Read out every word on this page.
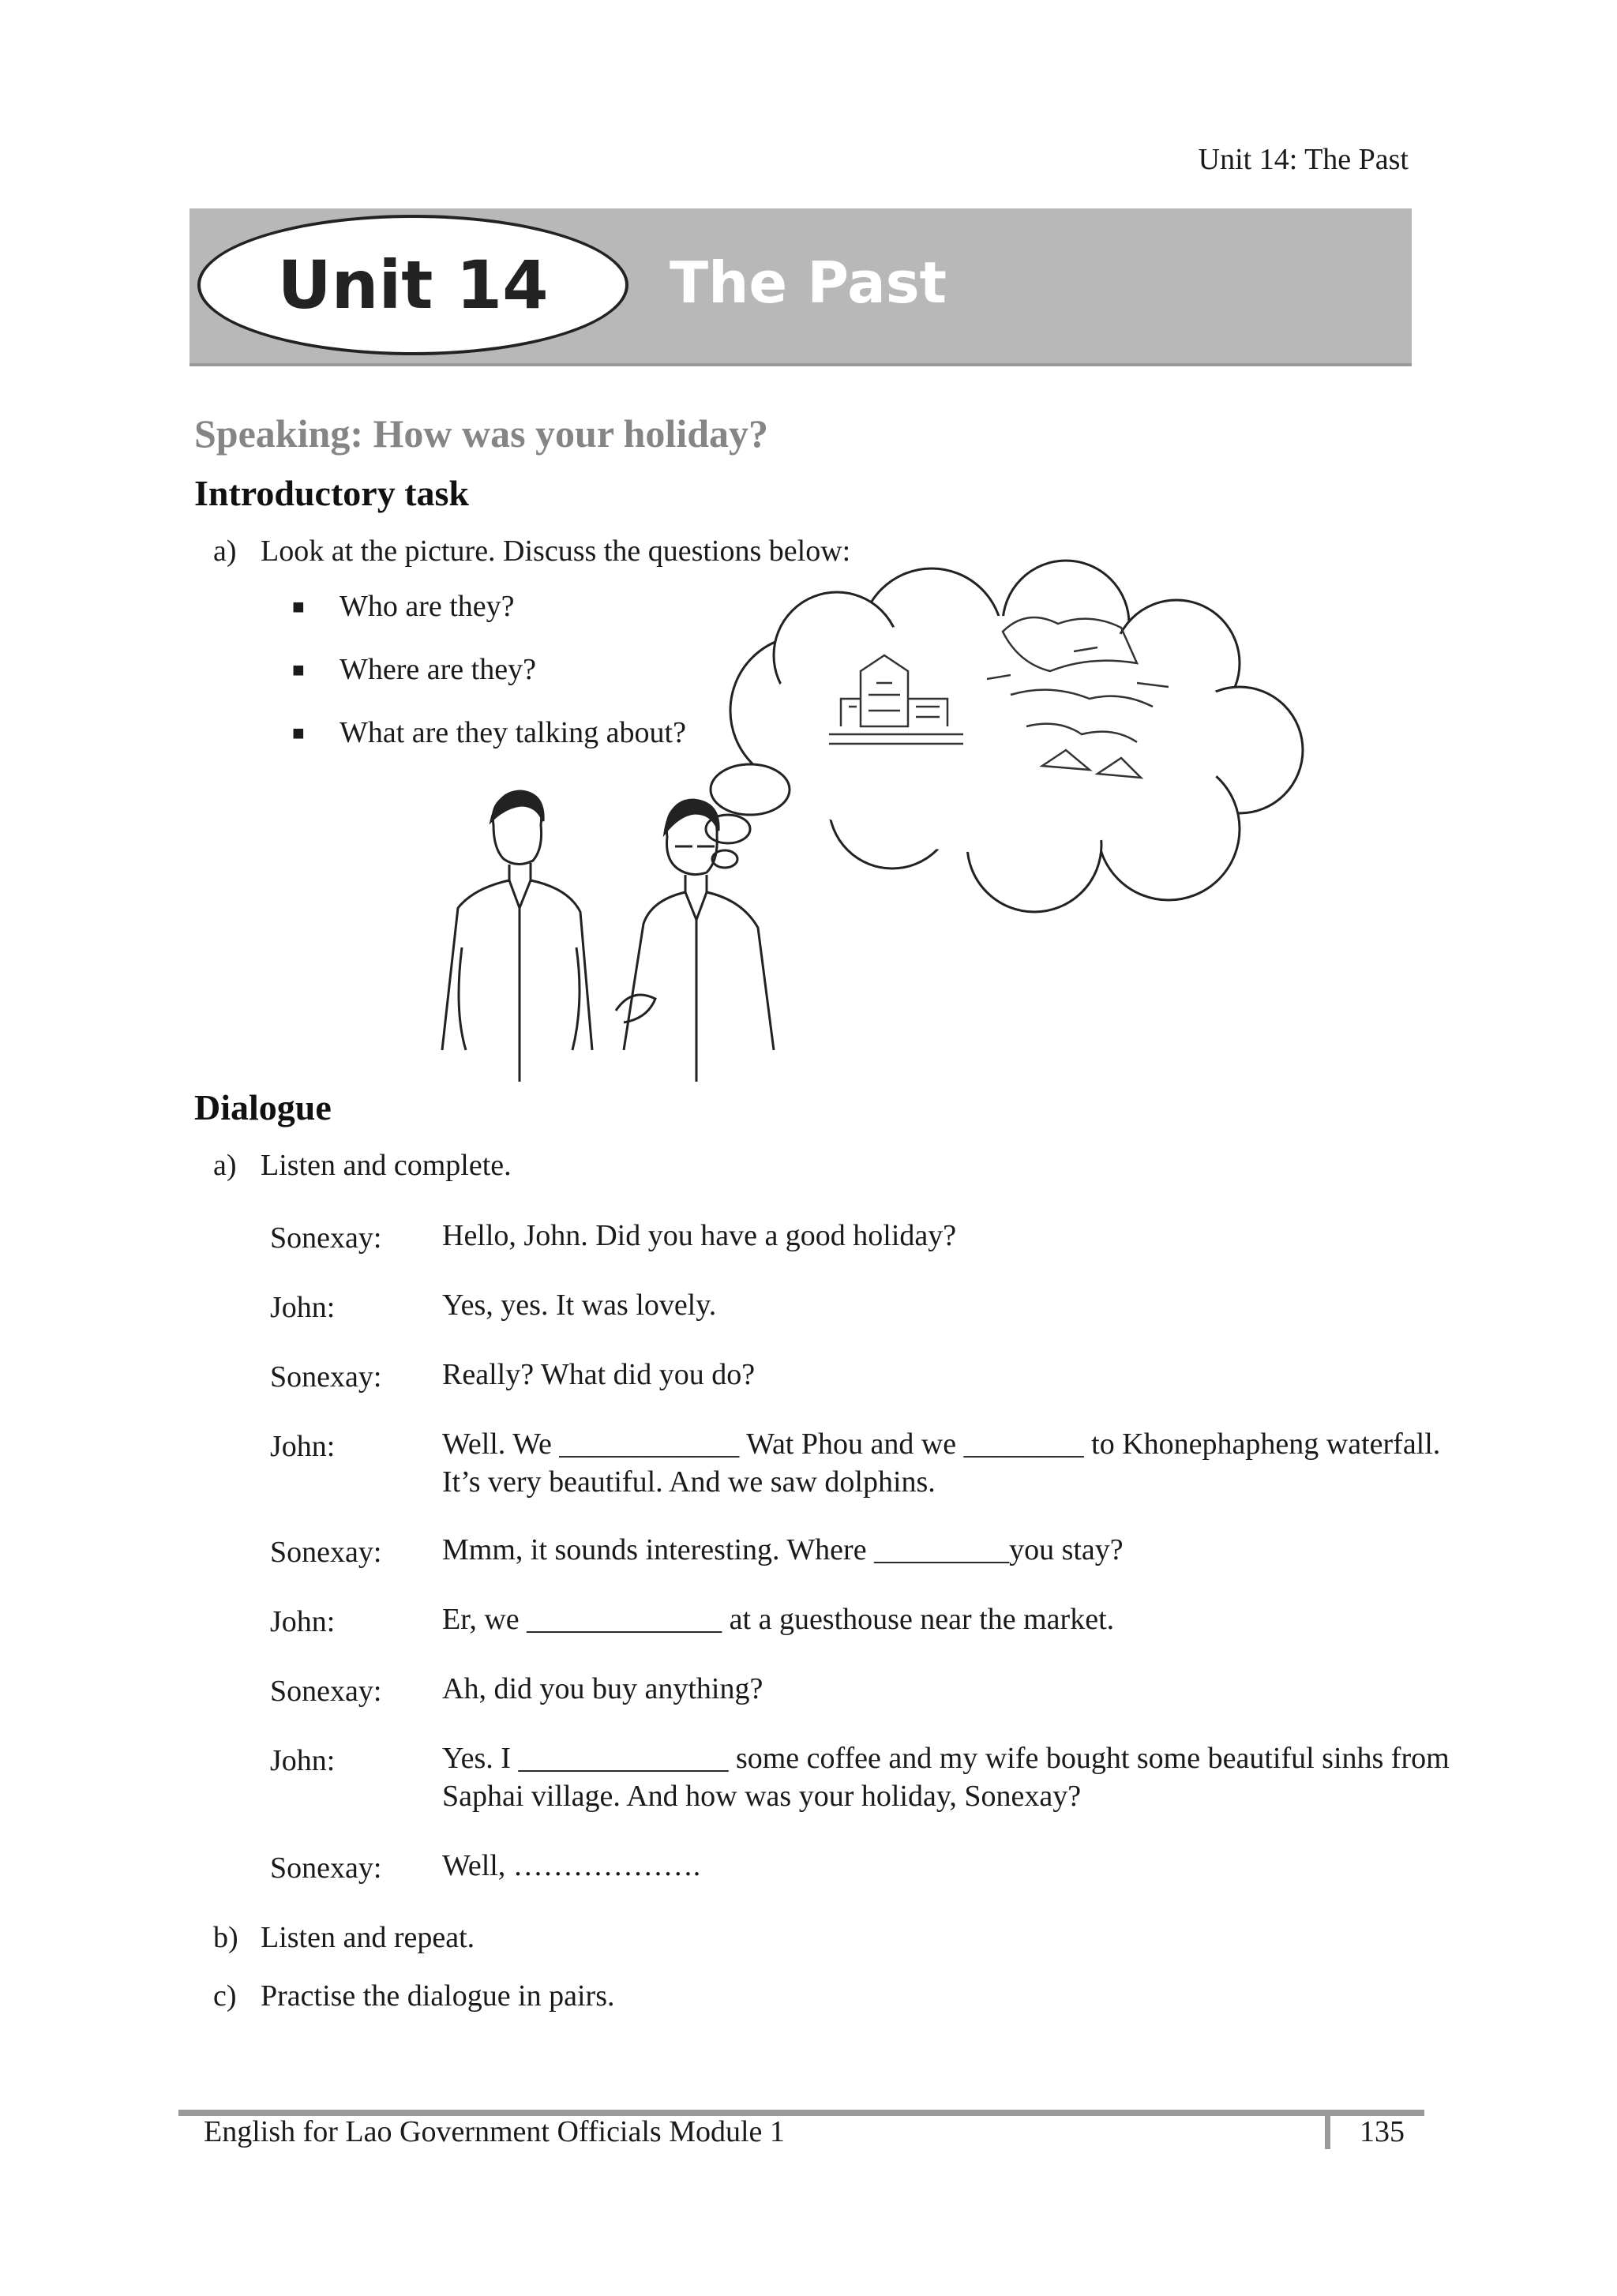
Unit 14: The Past
Unit 14 The Past
Speaking: How was your holiday?
Introductory task
a) Look at the picture. Discuss the questions below:
■ Who are they?
■ Where are they?
■ What are they talking about?
Dialogue
a) Listen and complete.
Sonexay: Hello, John. Did you have a good holiday?
John:	Yes, yes. It was lovely.
Sonexay: Really? What did you do?
John:	Well. We ____________ Wat Phou and we ________ to Khonephapheng waterfall. It’s very beautiful. And we saw dolphins.
Sonexay: Mmm, it sounds interesting. Where _________you stay?
John:	Er, we _____________ at a guesthouse near the market.
Sonexay: Ah, did you buy anything?
John:	Yes. I ______________ some coffee and my wife bought some beautiful sinhs from Saphai village. And how was your holiday, Sonexay?
Sonexay: Well, ……………….
b) Listen and repeat.
c) Practise the dialogue in pairs.
English for Lao Government Officials Module 1	135
